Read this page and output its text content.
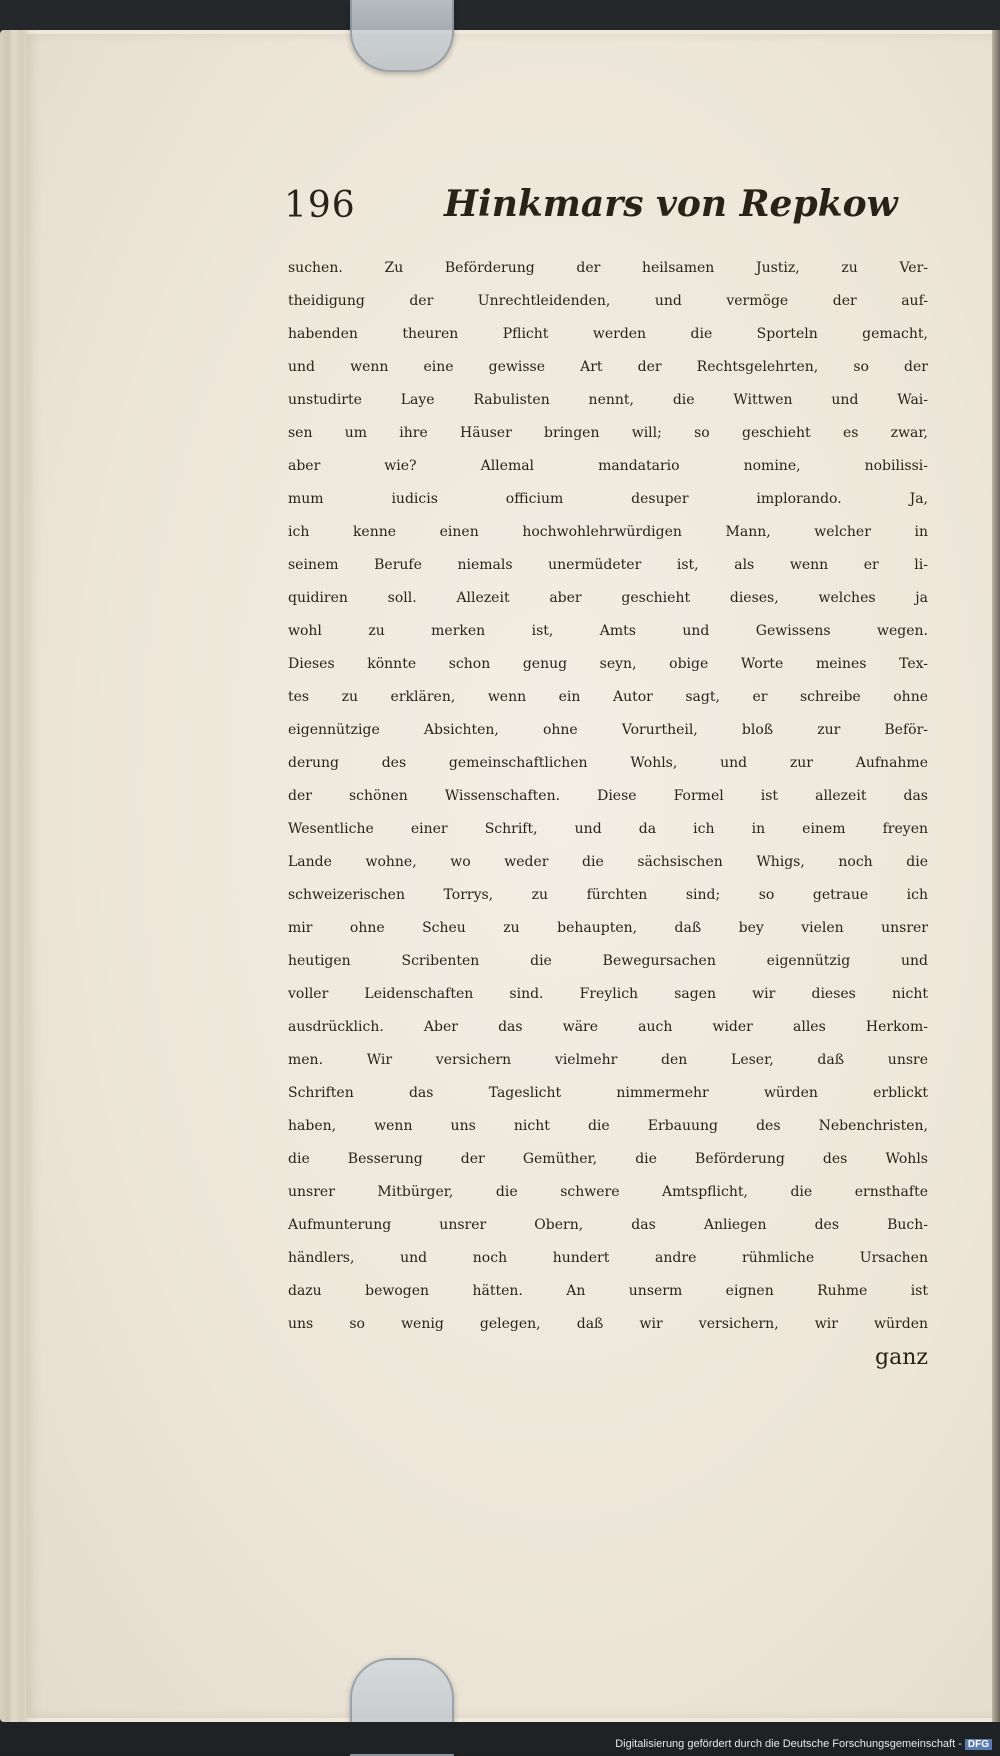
196 Hinkmars von Repkow
suchen. Zu Beförderung der heilsamen Justiz, zu Ver-
theidigung der Unrechtleidenden, und vermöge der auf-
habenden theuren Pflicht werden die Sporteln gemacht,
und wenn eine gewisse Art der Rechtsgelehrten, so der
unstudirte Laye Rabulisten nennt, die Wittwen und Wai-
sen um ihre Häuser bringen will; so geschieht es zwar,
aber wie? Allemal mandatario nomine, nobilissi-
mum iudicis officium desuper implorando. Ja,
ich kenne einen hochwohlehrwürdigen Mann, welcher in
seinem Berufe niemals unermüdeter ist, als wenn er li-
quidiren soll. Allezeit aber geschieht dieses, welches ja
wohl zu merken ist, Amts und Gewissens wegen.
Dieses könnte schon genug seyn, obige Worte meines Tex-
tes zu erklären, wenn ein Autor sagt, er schreibe ohne
eigennützige Absichten, ohne Vorurtheil, bloß zur Beför-
derung des gemeinschaftlichen Wohls, und zur Aufnahme
der schönen Wissenschaften. Diese Formel ist allezeit das
Wesentliche einer Schrift, und da ich in einem freyen
Lande wohne, wo weder die sächsischen Whigs, noch die
schweizerischen Torrys, zu fürchten sind; so getraue ich
mir ohne Scheu zu behaupten, daß bey vielen unsrer
heutigen Scribenten die Bewegursachen eigennützig und
voller Leidenschaften sind. Freylich sagen wir dieses nicht
ausdrücklich. Aber das wäre auch wider alles Herkom-
men. Wir versichern vielmehr den Leser, daß unsre
Schriften das Tageslicht nimmermehr würden erblickt
haben, wenn uns nicht die Erbauung des Nebenchristen,
die Besserung der Gemüther, die Beförderung des Wohls
unsrer Mitbürger, die schwere Amtspflicht, die ernsthafte
Aufmunterung unsrer Obern, das Anliegen des Buch-
händlers, und noch hundert andre rühmliche Ursachen
dazu bewogen hätten. An unserm eignen Ruhme ist
uns so wenig gelegen, daß wir versichern, wir würden
ganz
Digitalisierung gefördert durch die Deutsche Forschungsgemeinschaft - DFG
